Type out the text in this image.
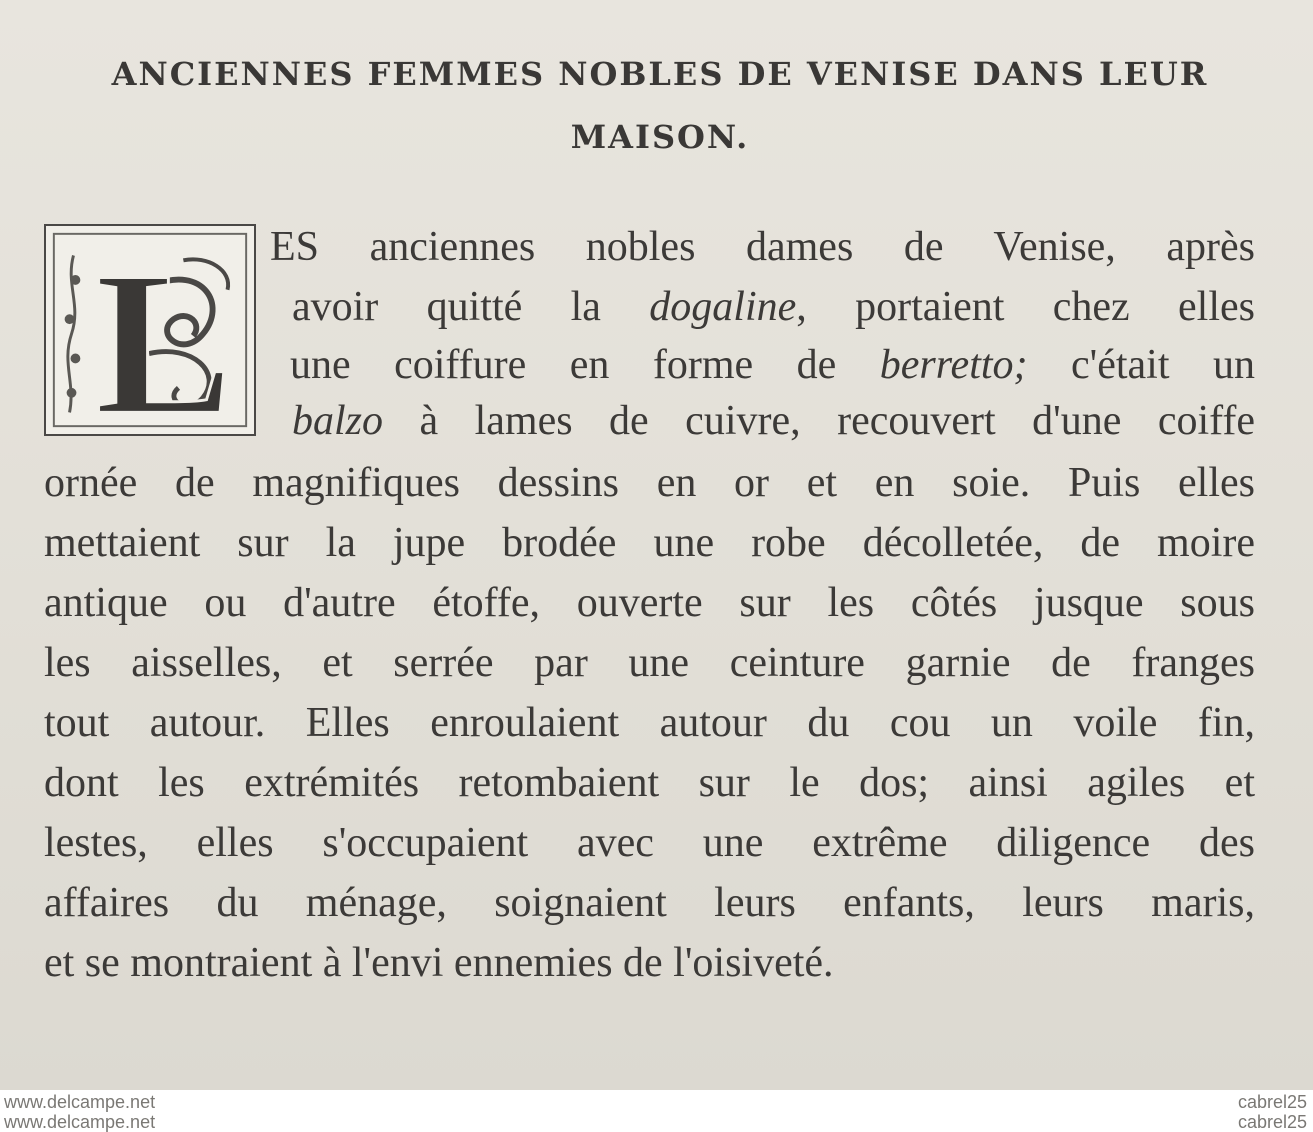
ANCIENNES FEMMES NOBLES DE VENISE DANS LEUR
MAISON.
L ES anciennes nobles dames de Venise, après
avoir quitté la dogaline, portaient chez elles
une coiffure en forme de berretto; c'était un
balzo à lames de cuivre, recouvert d'une coiffe
ornée de magnifiques dessins en or et en soie. Puis elles
mettaient sur la jupe brodée une robe décolletée, de moire
antique ou d'autre étoffe, ouverte sur les côtés jusque sous
les aisselles, et serrée par une ceinture garnie de franges
tout autour. Elles enroulaient autour du cou un voile fin,
dont les extrémités retombaient sur le dos; ainsi agiles et
lestes, elles s'occupaient avec une extrême diligence des
affaires du ménage, soignaient leurs enfants, leurs maris,
et se montraient à l'envi ennemies de l'oisiveté.
www.delcampe.net
www.delcampe.net
cabrel25
cabrel25
